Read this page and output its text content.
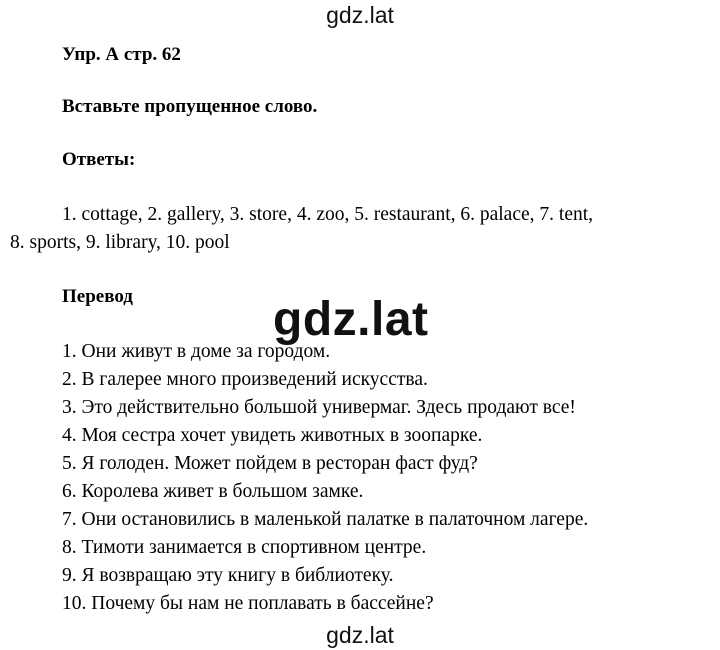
gdz.lat
Упр. А стр. 62
Вставьте пропущенное слово.
Ответы:
1. cottage, 2. gallery, 3. store, 4. zoo, 5. restaurant, 6. palace, 7. tent,
8. sports, 9. library, 10. pool
Перевод
1. Они живут в доме за городом.
2. В галерее много произведений искусства.
3. Это действительно большой универмаг. Здесь продают все!
4. Моя сестра хочет увидеть животных в зоопарке.
5. Я голоден. Может пойдем в ресторан фаст фуд?
6. Королева живет в большом замке.
7. Они остановились в маленькой палатке в палаточном лагере.
8. Тимоти занимается в спортивном центре.
9. Я возвращаю эту книгу в библиотеку.
10. Почему бы нам не поплавать в бассейне?
gdz.lat
gdz.lat
